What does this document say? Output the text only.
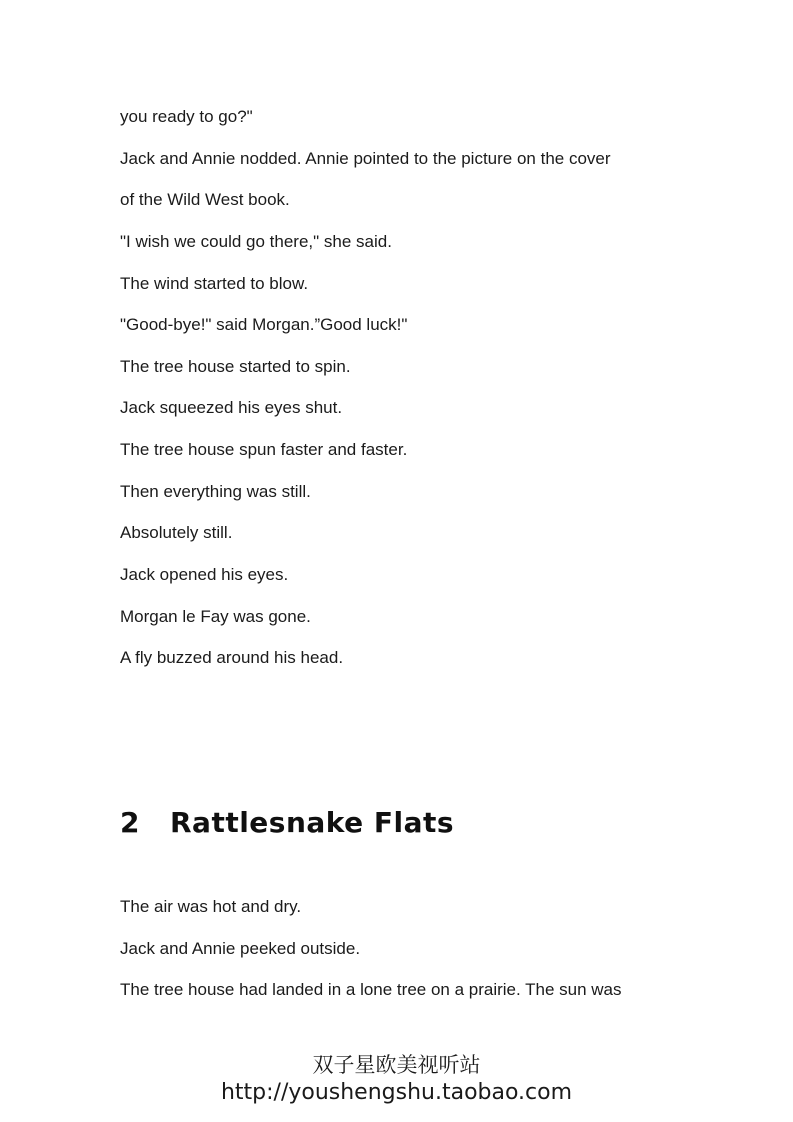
you ready to go?"

Jack and Annie nodded. Annie pointed to the picture on the cover

of the Wild West book.

"I wish we could go there," she said.

The wind started to blow.

"Good-bye!" said Morgan.”Good luck!"

The tree house started to spin.

Jack squeezed his eyes shut.

The tree house spun faster and faster.

Then everything was still.

Absolutely still.

Jack opened his eyes.

Morgan le Fay was gone.

A fly buzzed around his head.

2 Rattlesnake Flats

The air was hot and dry.

Jack and Annie peeked outside.

The tree house had landed in a lone tree on a prairie. The sun was

双子星欧美视听站
http://youshengshu.taobao.com
